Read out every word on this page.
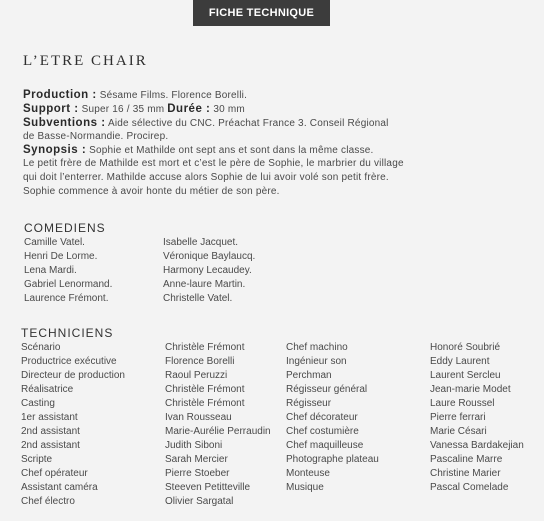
FICHE TECHNIQUE
L’ETRE CHAIR
Production : Sésame Films. Florence Borelli.
Support : Super 16 / 35 mm Durée : 30 mm
Subventions : Aide sélective du CNC. Préachat France 3. Conseil Régional
de Basse-Normandie. Procirep.
Synopsis : Sophie et Mathilde ont sept ans et sont dans la même classe.
Le petit frère de Mathilde est mort et c’est le père de Sophie, le marbrier du village
qui doit l’enterrer. Mathilde accuse alors Sophie de lui avoir volé son petit frère.
Sophie commence à avoir honte du métier de son père.
COMEDIENS
Camille Vatel.
Henri De Lorme.
Lena Mardi.
Gabriel Lenormand.
Laurence Frémont.
Isabelle Jacquet.
Véronique Baylaucq.
Harmony Lecaudey.
Anne-laure Martin.
Christelle Vatel.
TECHNICIENS
Scénario
Productrice exécutive
Directeur de production
Réalisatrice
Casting
1er assistant
2nd assistant
2nd assistant
Scripte
Chef opérateur
Assistant caméra
Chef électro
Christèle Frémont
Florence Borelli
Raoul Peruzzi
Christèle Frémont
Christèle Frémont
Ivan Rousseau
Marie-Aurélie Perraudin
Judith Siboni
Sarah Mercier
Pierre Stoeber
Steeven Petitteville
Olivier Sargatal
Chef machino
Ingénieur son
Perchman
Régisseur général
Régisseur
Chef décorateur
Chef costumière
Chef maquilleuse
Photographe plateau
Monteuse
Musique
Honoré Soubrié
Eddy Laurent
Laurent Sercleu
Jean-marie Modet
Laure Roussel
Pierre ferrari
Marie Césari
Vanessa Bardakejian
Pascaline Marre
Christine Marier
Pascal Comelade
